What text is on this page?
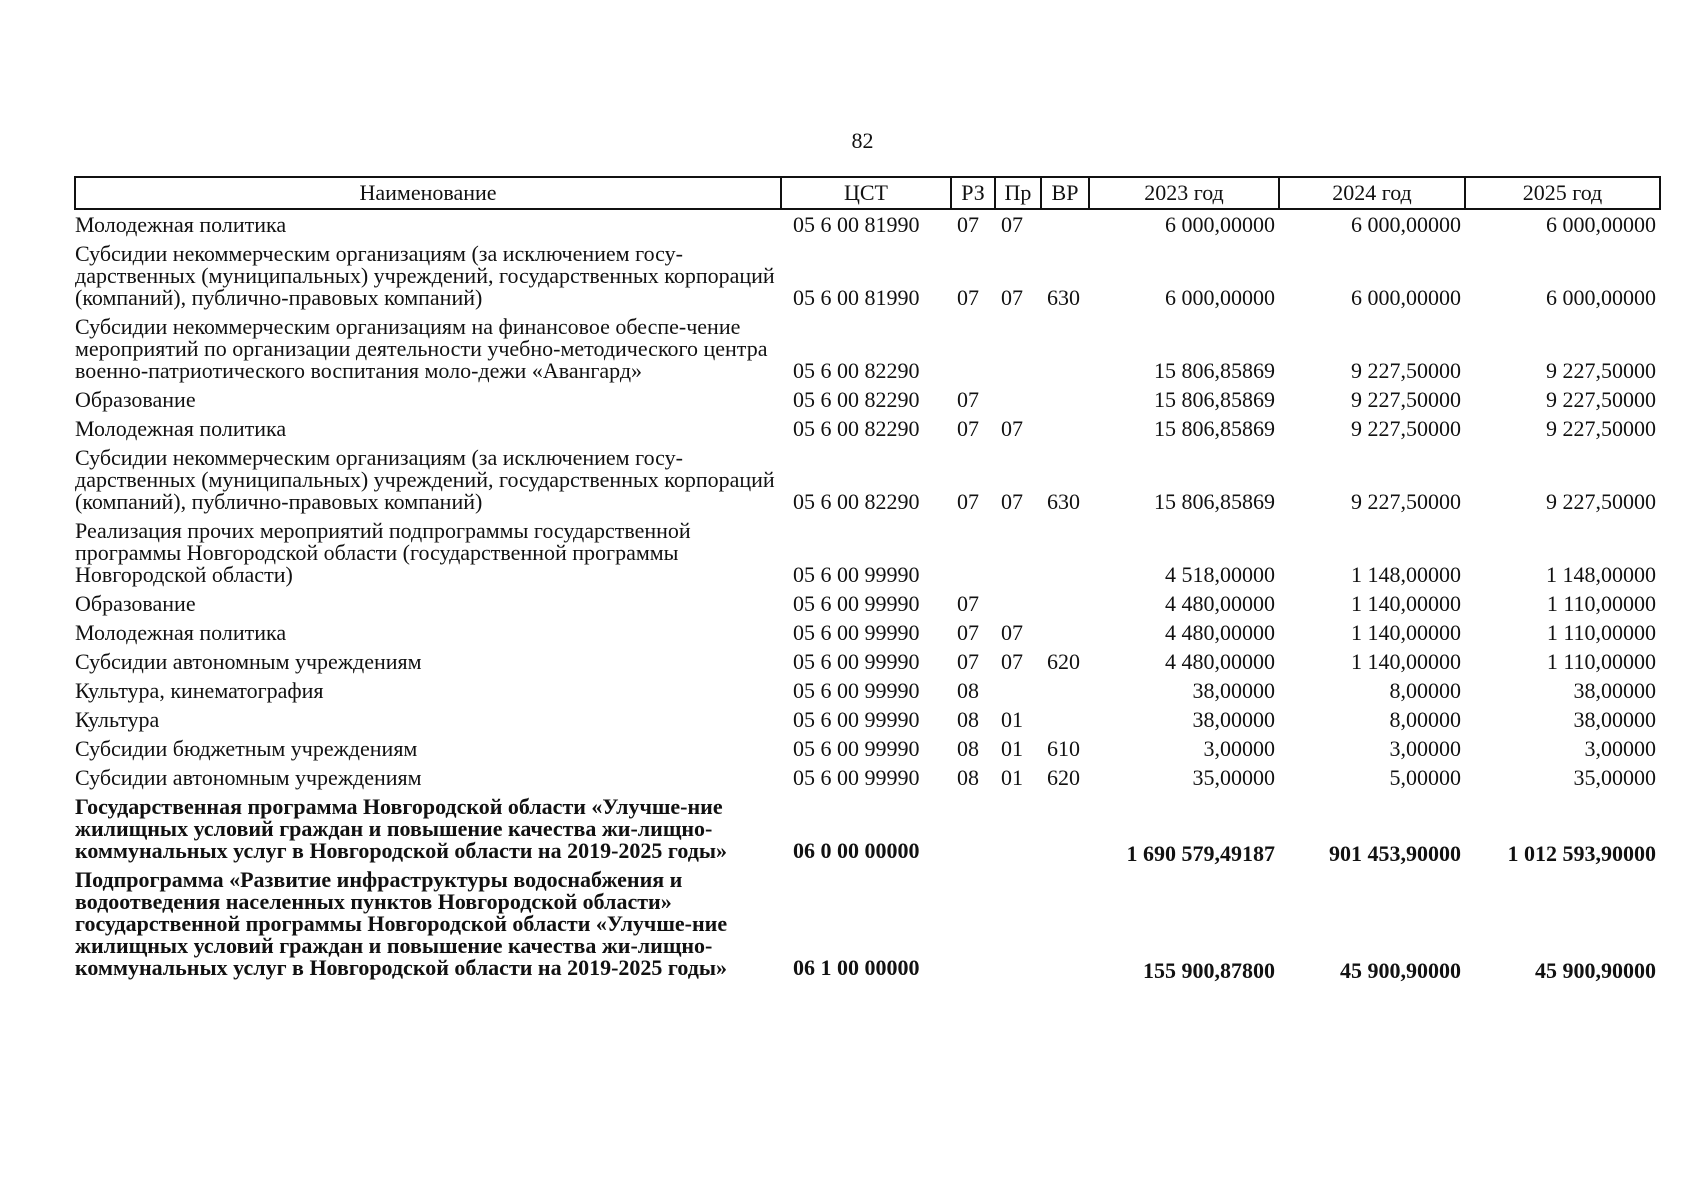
82
Наименование	ЦСТ	РЗ	Пр	ВР	2023 год	2024 год	2025 год
Молодежная политика	05 6 00 81990	07	07		6 000,00000	6 000,00000	6 000,00000
Субсидии некоммерческим организациям (за исключением госу-дарственных (муниципальных) учреждений, государственных корпораций (компаний), публично-правовых компаний)	05 6 00 81990	07	07	630	6 000,00000	6 000,00000	6 000,00000
Субсидии некоммерческим организациям на финансовое обеспе-чение мероприятий по организации деятельности учебно-методического центра военно-патриотического воспитания моло-дежи «Авангард»	05 6 00 82290				15 806,85869	9 227,50000	9 227,50000
Образование	05 6 00 82290	07			15 806,85869	9 227,50000	9 227,50000
Молодежная политика	05 6 00 82290	07	07		15 806,85869	9 227,50000	9 227,50000
Субсидии некоммерческим организациям (за исключением госу-дарственных (муниципальных) учреждений, государственных корпораций (компаний), публично-правовых компаний)	05 6 00 82290	07	07	630	15 806,85869	9 227,50000	9 227,50000
Реализация прочих мероприятий подпрограммы государственной программы Новгородской области (государственной программы Новгородской области)	05 6 00 99990				4 518,00000	1 148,00000	1 148,00000
Образование	05 6 00 99990	07			4 480,00000	1 140,00000	1 110,00000
Молодежная политика	05 6 00 99990	07	07		4 480,00000	1 140,00000	1 110,00000
Субсидии автономным учреждениям	05 6 00 99990	07	07	620	4 480,00000	1 140,00000	1 110,00000
Культура, кинематография	05 6 00 99990	08			38,00000	8,00000	38,00000
Культура	05 6 00 99990	08	01		38,00000	8,00000	38,00000
Субсидии бюджетным учреждениям	05 6 00 99990	08	01	610	3,00000	3,00000	3,00000
Субсидии автономным учреждениям	05 6 00 99990	08	01	620	35,00000	5,00000	35,00000
Государственная программа Новгородской области «Улучше-ние жилищных условий граждан и повышение качества жи-лищно-коммунальных услуг в Новгородской области на 2019-2025 годы»	06 0 00 00000				1 690 579,49187	901 453,90000	1 012 593,90000
Подпрограмма «Развитие инфраструктуры водоснабжения и водоотведения населенных пунктов Новгородской области» государственной программы Новгородской области «Улучше-ние жилищных условий граждан и повышение качества жи-лищно-коммунальных услуг в Новгородской области на 2019-2025 годы»	06 1 00 00000				155 900,87800	45 900,90000	45 900,90000
